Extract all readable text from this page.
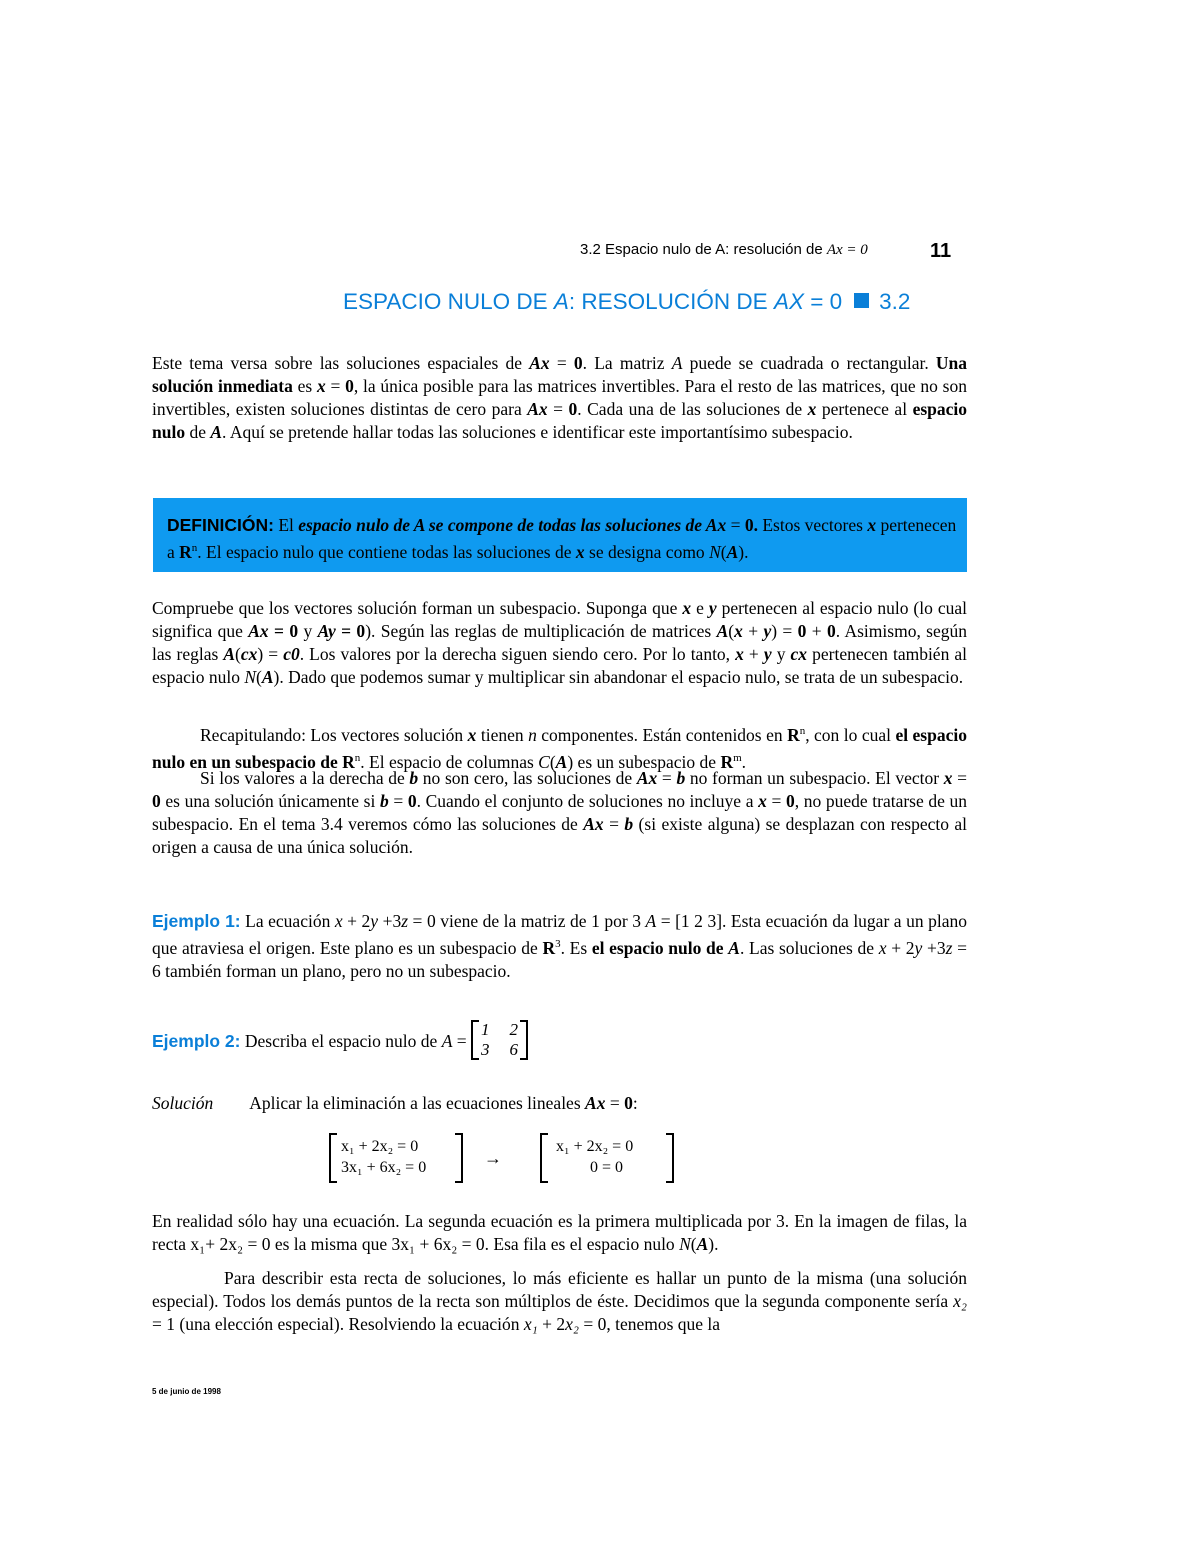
3.2 Espacio nulo de A: resolución de Ax = 0	11
ESPACIO NULO DE A: RESOLUCIÓN DE AX = 0 3.2
Este tema versa sobre las soluciones espaciales de Ax = 0. La matriz A puede se cuadrada o rectangular. Una solución inmediata es x = 0, la única posible para las matrices invertibles. Para el resto de las matrices, que no son invertibles, existen soluciones distintas de cero para Ax = 0. Cada una de las soluciones de x pertenece al espacio nulo de A. Aquí se pretende hallar todas las soluciones e identificar este importantísimo subespacio.
DEFINICIÓN: El espacio nulo de A se compone de todas las soluciones de Ax = 0. Estos vectores x pertenecen a $R^n$. El espacio nulo que contiene todas las soluciones de x se designa como N(A).
Compruebe que los vectores solución forman un subespacio. Suponga que x e y pertenecen al espacio nulo (lo cual significa que Ax = 0 y Ay = 0). Según las reglas de multiplicación de matrices A(x + y) = 0 + 0. Asimismo, según las reglas A(cx) = c0. Los valores por la derecha siguen siendo cero. Por lo tanto, x + y y cx pertenecen también al espacio nulo N(A). Dado que podemos sumar y multiplicar sin abandonar el espacio nulo, se trata de un subespacio.
Recapitulando: Los vectores solución x tienen n componentes. Están contenidos en $R^n$, con lo cual el espacio nulo en un subespacio de $R^n$. El espacio de columnas C(A) es un subespacio de $R^m$.
Si los valores a la derecha de b no son cero, las soluciones de Ax = b no forman un subespacio. El vector x = 0 es una solución únicamente si b = 0. Cuando el conjunto de soluciones no incluye a x = 0, no puede tratarse de un subespacio. En el tema 3.4 veremos cómo las soluciones de Ax = b (si existe alguna) se desplazan con respecto al origen a causa de una única solución.
Ejemplo 1: La ecuación x + 2y +3z = 0 viene de la matriz de 1 por 3 A = [1 2 3]. Esta ecuación da lugar a un plano que atraviesa el origen. Este plano es un subespacio de $R^3$. Es el espacio nulo de A. Las soluciones de x + 2y +3z = 6 también forman un plano, pero no un subespacio.
Ejemplo 2: Describa el espacio nulo de A =
1	2
3	6
Solución Aplicar la eliminación a las ecuaciones lineales Ax = 0:
x₁ + 2x₂ = 0
3x₁ + 6x₂ = 0	→
x₁ + 2x₂ = 0
0 = 0
En realidad sólo hay una ecuación. La segunda ecuación es la primera multiplicada por 3. En la imagen de filas, la recta x₁+ 2x₂ = 0 es la misma que 3x₁ + 6x₂ = 0. Esa fila es el espacio nulo N(A).
Para describir esta recta de soluciones, lo más eficiente es hallar un punto de la misma (una solución especial). Todos los demás puntos de la recta son múltiplos de éste. Decidimos que la segunda componente sería x₂ = 1 (una elección especial). Resolviendo la ecuación x₁ + 2x₂ = 0, tenemos que la
5 de junio de 1998
